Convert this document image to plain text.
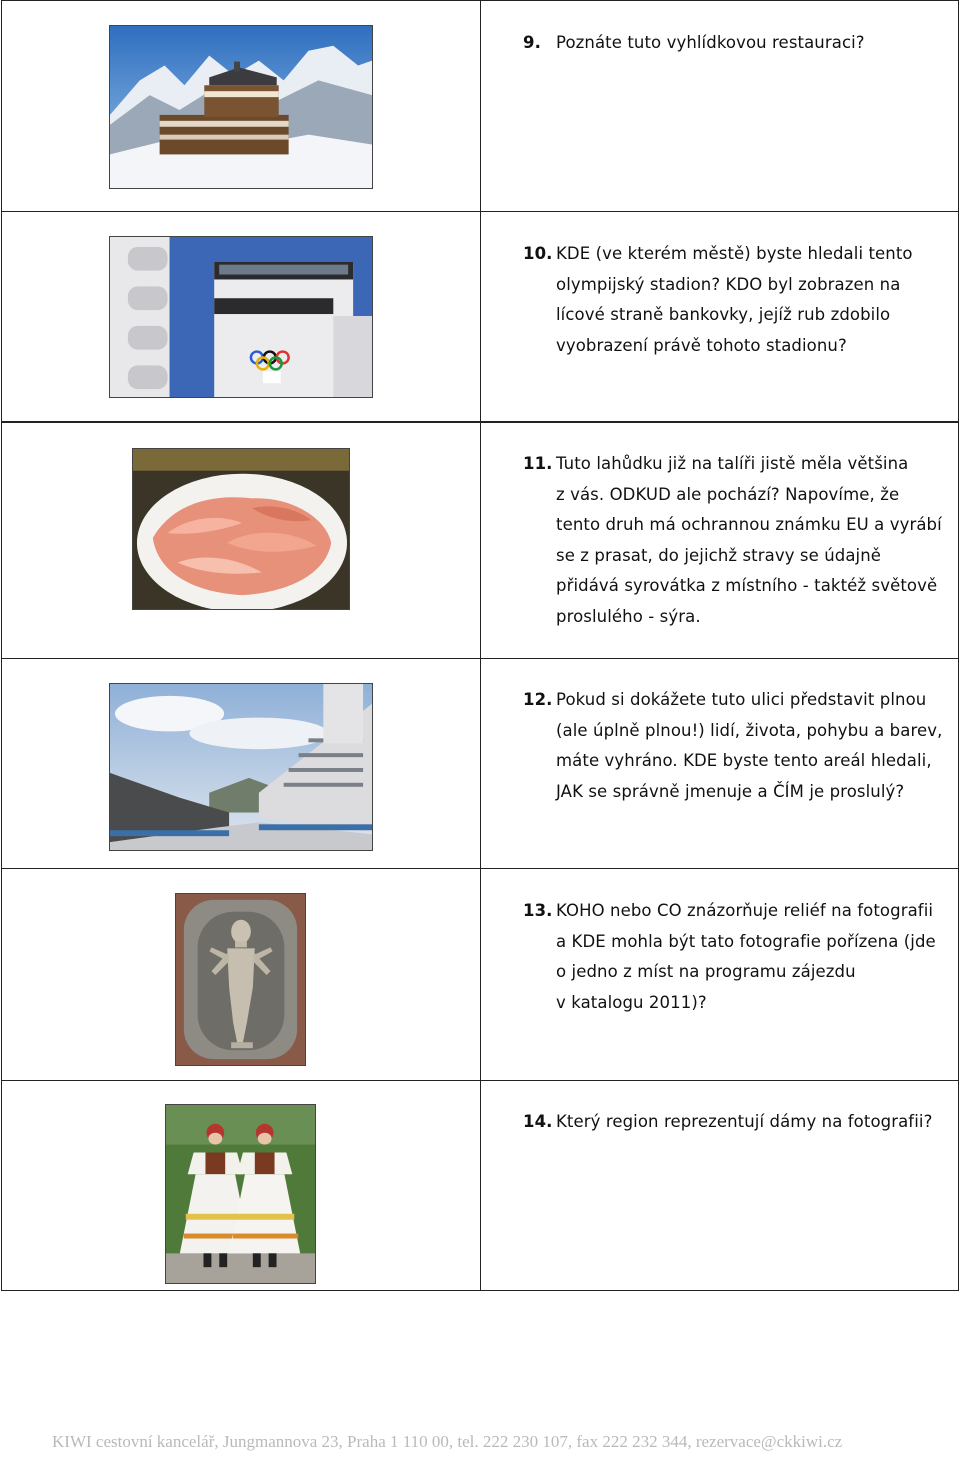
9. Poznáte tuto vyhlídkovou restauraci?
10. KDE (ve kterém městě) byste hledali tento
olympijský stadion? KDO byl zobrazen na
lícové straně bankovky, jejíž rub zdobilo
vyobrazení právě tohoto stadionu?
11. Tuto lahůdku již na talíři jistě měla většina
z vás. ODKUD ale pochází? Napovíme, že
tento druh má ochrannou známku EU a vyrábí
se z prasat, do jejichž stravy se údajně
přidává syrovátka z místního - taktéž světově
proslulého - sýra.
12. Pokud si dokážete tuto ulici představit plnou
(ale úplně plnou!) lidí, života, pohybu a barev,
máte vyhráno. KDE byste tento areál hledali,
JAK se správně jmenuje a ČÍM je proslulý?
13. KOHO nebo CO znázorňuje reliéf na fotografii
a KDE mohla být tato fotografie pořízena (jde
o jedno z míst na programu zájezdu
v katalogu 2011)?
14. Který region reprezentují dámy na fotografii?
KIWI cestovní kancelář, Jungmannova 23, Praha 1 110 00, tel. 222 230 107, fax 222 232 344, rezervace@ckkiwi.cz
